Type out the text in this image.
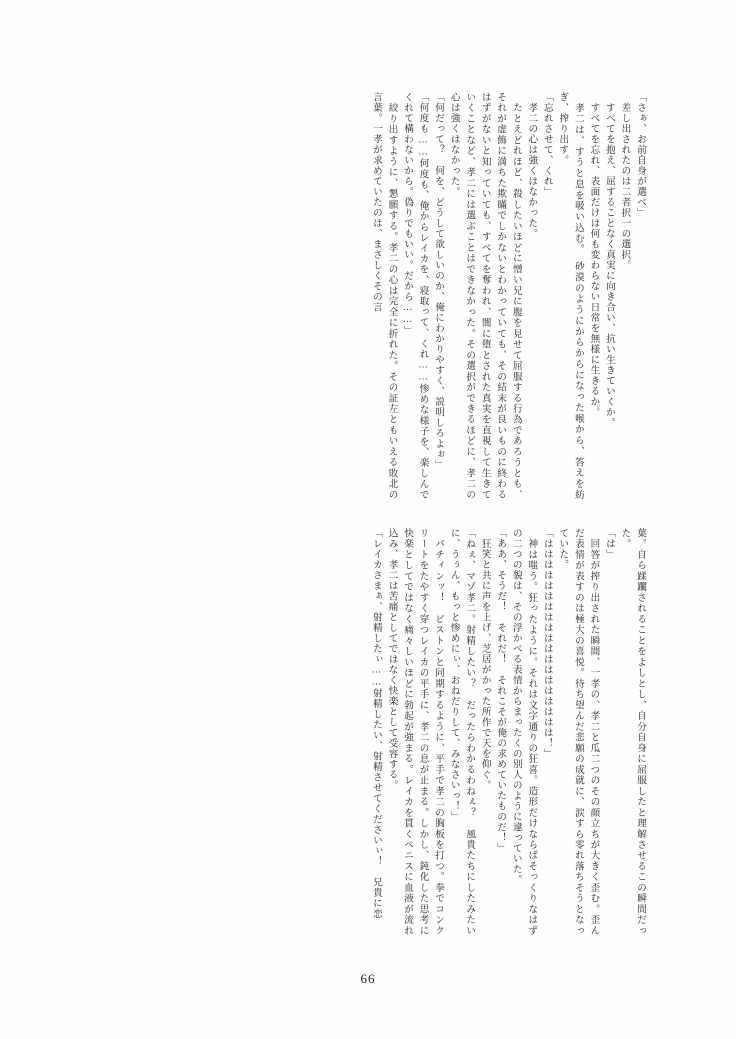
「さぁ、お前自身が選べ」

　差し出されたのは二者択一の選択。

　すべてを抱え、屈することなく真実に向き合い、抗い生きていくか。

　すべてを忘れ、表面だけは何も変わらない日常を無様に生きるか。

　孝二は、すうと息を吸い込む。　砂漠のようにからからになった喉から、答えを紡ぎ、搾り出す。

「忘れさせて、くれ」

　孝二の心は強くはなかった。

　たとえどれほど、殺したいほどに憎い兄に腹を見せて屈服する行為であろうとも、それが虚飾に満ちた欺瞞でしかないとわかっていても、その結末が良いものに終わるはずがないと知っていても、すべてを奪われ、闇に堕とされた真実を直視して生きていくことなど、孝二には選ぶことはできなかった。その選択ができるほどに、孝二の心は強くはなかった。

「何だって？　何を、どうして欲しいのか、俺にわかりやすく、説明しろよぉ」

「何度も……何度も、俺からレイカを、寝取って、くれ……惨めな様子を、楽しんでくれて構わないから。偽りでもいい。だから……」

　絞り出すように、懇願する。孝二の心は完全に折れた。その証左ともいえる敗北の言葉。一孝が求めていたのは、まさしくその言

葉。自ら蹂躙されることをよしとし、自分自身に屈服したと理解させるこの瞬間だった。

「は」

　回答が搾り出された瞬間、一孝の、孝二と瓜二つのその顔立ちが大きく歪む。歪んだ表情が表すのは極大の喜悦。待ち望んだ悲願の成就に、涙すら零れ落ちそうとなっていた。

「ははははははははははははははははははは！」

　神は嗤う。狂ったように。それは文字通りの狂喜。造形だけならばそっくりなはずの二つの貌は、その浮かべる表情からまったくの別人のように違っていた。

「ああ、そうだ！　それだ！　それこそが俺の求めていたものだ！」

　狂笑と共に声を上げ、芝居がかった所作で天を仰ぐ。

「ねぇ、マゾ孝二。射精したい？　だったらわかるわねぇ？　風貴たちにしたみたいに、うぅん、もっと惨めにぃ、おねだりして、みなさいっ！」

　パチィンッ！　ピストンと同期するように、平手で孝二の胸板を打つ。拳でコンクリートをたやすく穿つレイカの平手に、孝二の息が止まる。しかし、鈍化した思考に快楽としてではなく痛々しいほどに勃起が強まる。レイカを貫くペニスに血液が流れ込み、孝二は苦痛としてではなく快楽として受容する。

「レイカさまぁ、射精したぃ……射精したい、射精させてくださいぃ！　兄貴に恋

66
